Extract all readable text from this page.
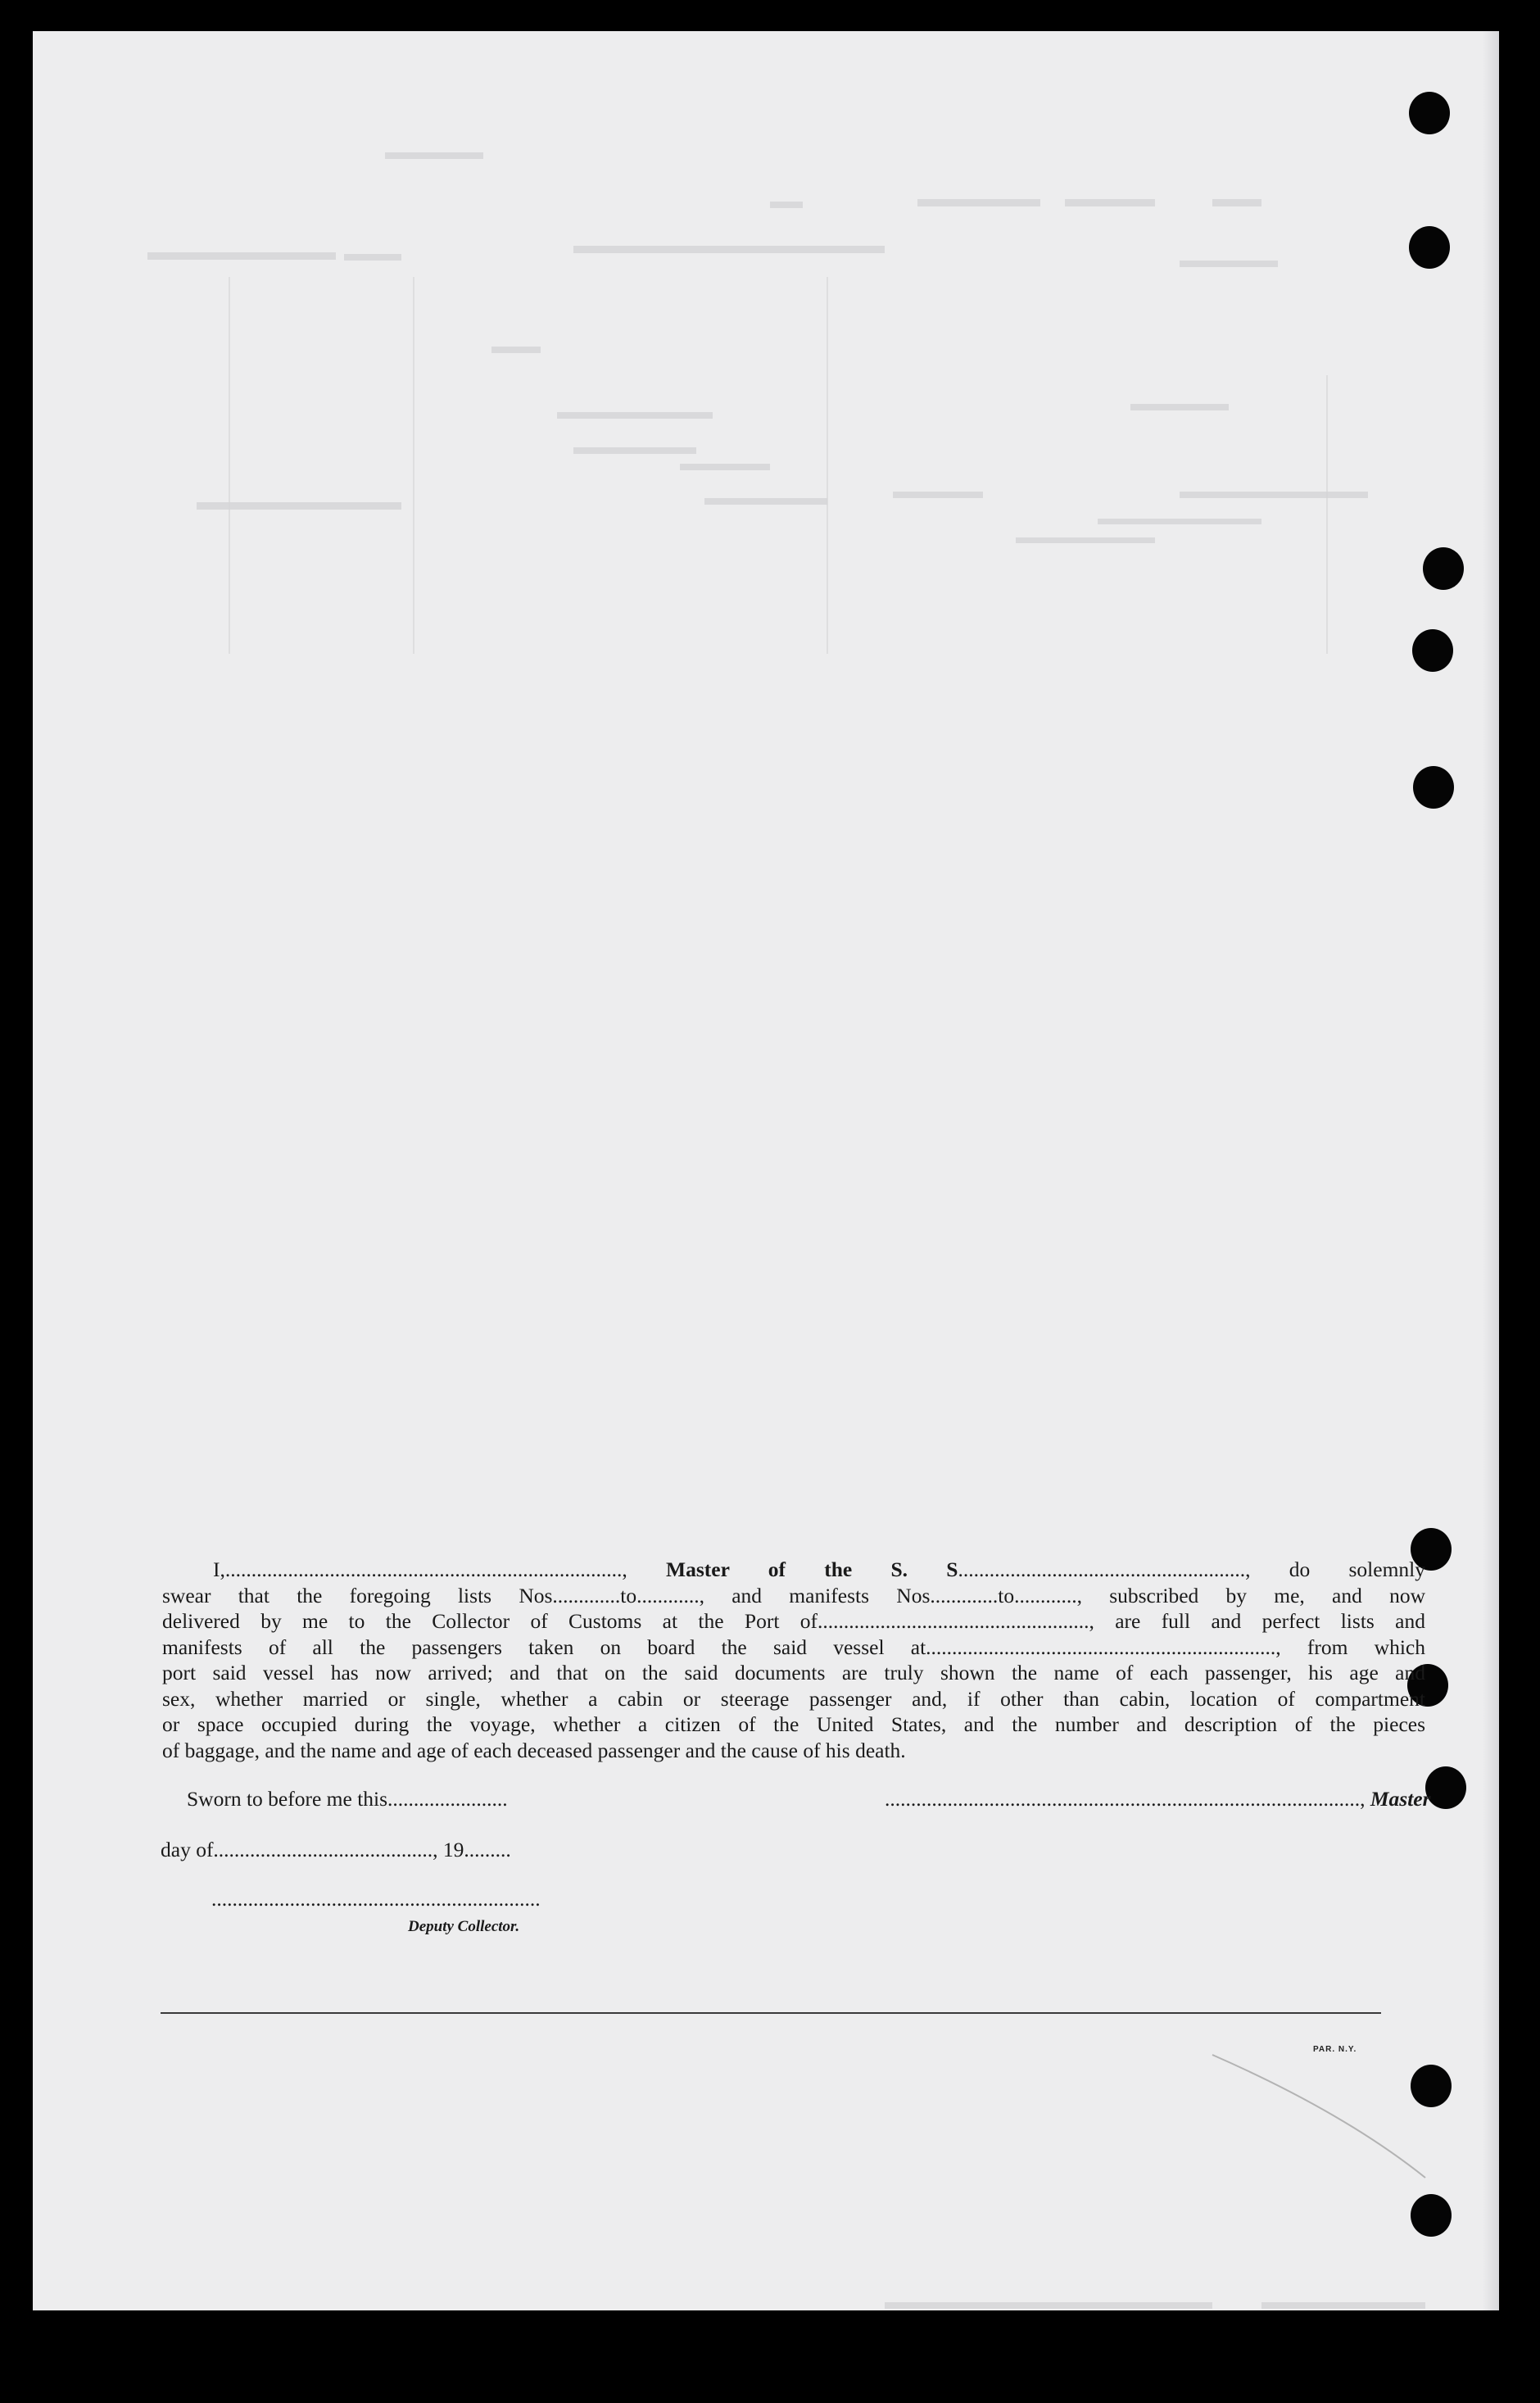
I,............................................................................, Master of the S. S......................................................., do solemnly
swear that the foregoing lists Nos.............to............, and manifests Nos.............to............, subscribed by me, and now
delivered by me to the Collector of Customs at the Port of...................................................., are full and perfect lists and
manifests of all the passengers taken on board the said vessel at..................................................................., from which
port said vessel has now arrived; and that on the said documents are truly shown the name of each passenger, his age and
sex, whether married or single, whether a cabin or steerage passenger and, if other than cabin, location of compartment
or space occupied during the voyage, whether a citizen of the United States, and the number and description of the pieces
of baggage, and the name and age of each deceased passenger and the cause of his death.
Sworn to before me this.......................	..........................................................................................., Master
day of.........................................., 19.........
...............................................................
Deputy Collector.
PAR. N.Y.
